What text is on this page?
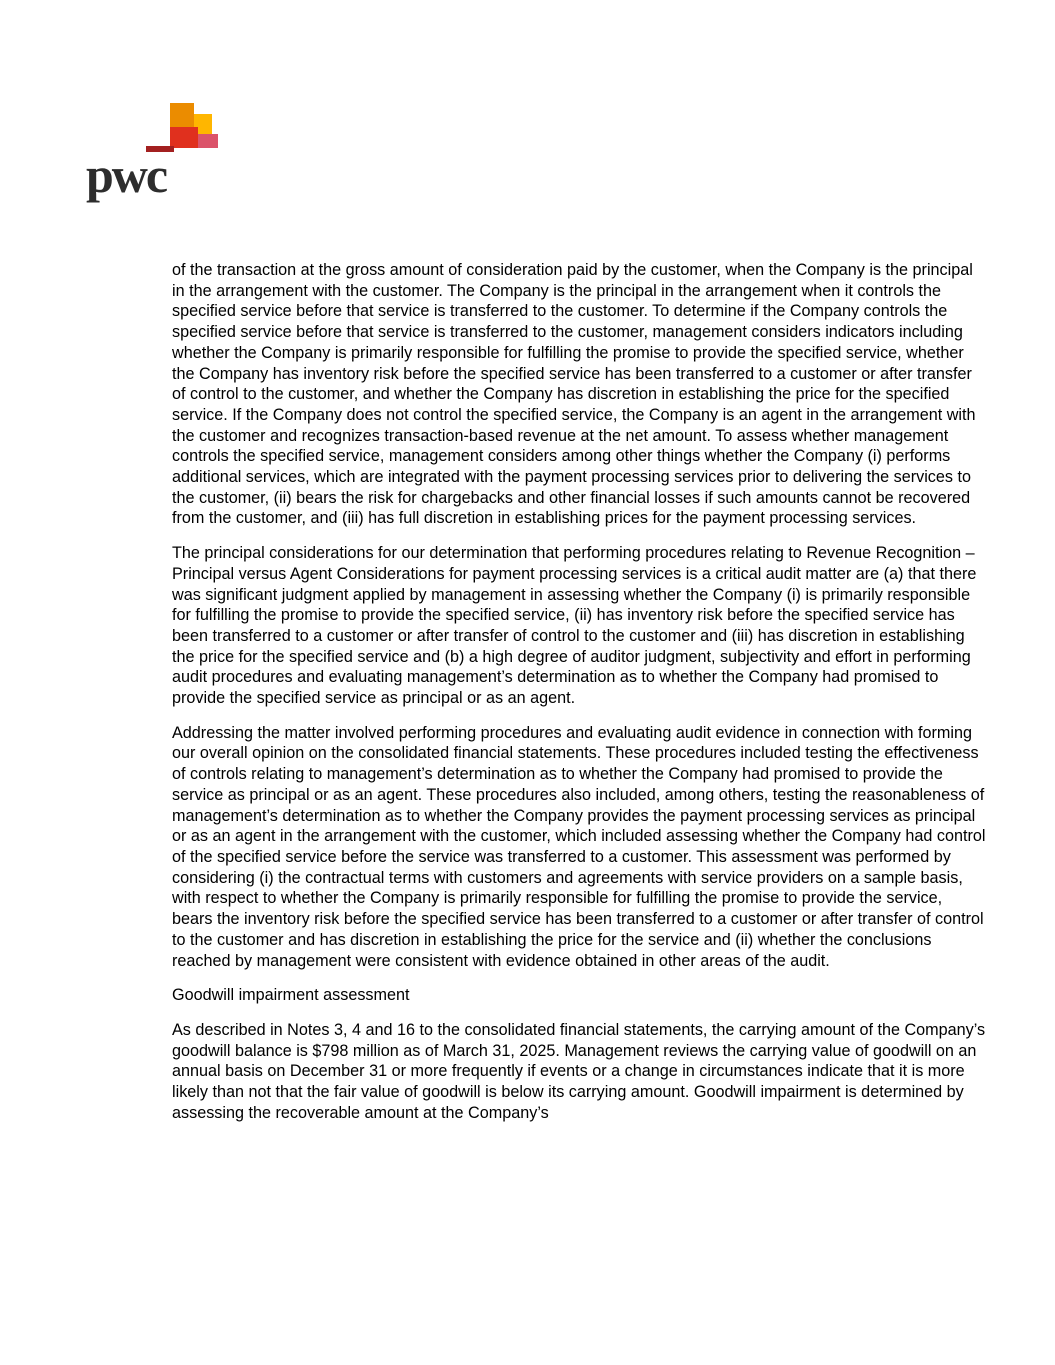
pwc

of the transaction at the gross amount of consideration paid by the customer, when the Company is the principal in the arrangement with the customer. The Company is the principal in the arrangement when it controls the specified service before that service is transferred to the customer. To determine if the Company controls the specified service before that service is transferred to the customer, management considers indicators including whether the Company is primarily responsible for fulfilling the promise to provide the specified service, whether the Company has inventory risk before the specified service has been transferred to a customer or after transfer of control to the customer, and whether the Company has discretion in establishing the price for the specified service. If the Company does not control the specified service, the Company is an agent in the arrangement with the customer and recognizes transaction-based revenue at the net amount. To assess whether management controls the specified service, management considers among other things whether the Company (i) performs additional services, which are integrated with the payment processing services prior to delivering the services to the customer, (ii) bears the risk for chargebacks and other financial losses if such amounts cannot be recovered from the customer, and (iii) has full discretion in establishing prices for the payment processing services.

The principal considerations for our determination that performing procedures relating to Revenue Recognition – Principal versus Agent Considerations for payment processing services is a critical audit matter are (a) that there was significant judgment applied by management in assessing whether the Company (i) is primarily responsible for fulfilling the promise to provide the specified service, (ii) has inventory risk before the specified service has been transferred to a customer or after transfer of control to the customer and (iii) has discretion in establishing the price for the specified service and (b) a high degree of auditor judgment, subjectivity and effort in performing audit procedures and evaluating management’s determination as to whether the Company had promised to provide the specified service as principal or as an agent.

Addressing the matter involved performing procedures and evaluating audit evidence in connection with forming our overall opinion on the consolidated financial statements. These procedures included testing the effectiveness of controls relating to management’s determination as to whether the Company had promised to provide the service as principal or as an agent. These procedures also included, among others, testing the reasonableness of management’s determination as to whether the Company provides the payment processing services as principal or as an agent in the arrangement with the customer, which included assessing whether the Company had control of the specified service before the service was transferred to a customer. This assessment was performed by considering (i) the contractual terms with customers and agreements with service providers on a sample basis, with respect to whether the Company is primarily responsible for fulfilling the promise to provide the service, bears the inventory risk before the specified service has been transferred to a customer or after transfer of control to the customer and has discretion in establishing the price for the service and (ii) whether the conclusions reached by management were consistent with evidence obtained in other areas of the audit.

Goodwill impairment assessment

As described in Notes 3, 4 and 16 to the consolidated financial statements, the carrying amount of the Company’s goodwill balance is $798 million as of March 31, 2025. Management reviews the carrying value of goodwill on an annual basis on December 31 or more frequently if events or a change in circumstances indicate that it is more likely than not that the fair value of goodwill is below its carrying amount. Goodwill impairment is determined by assessing the recoverable amount at the Company’s
